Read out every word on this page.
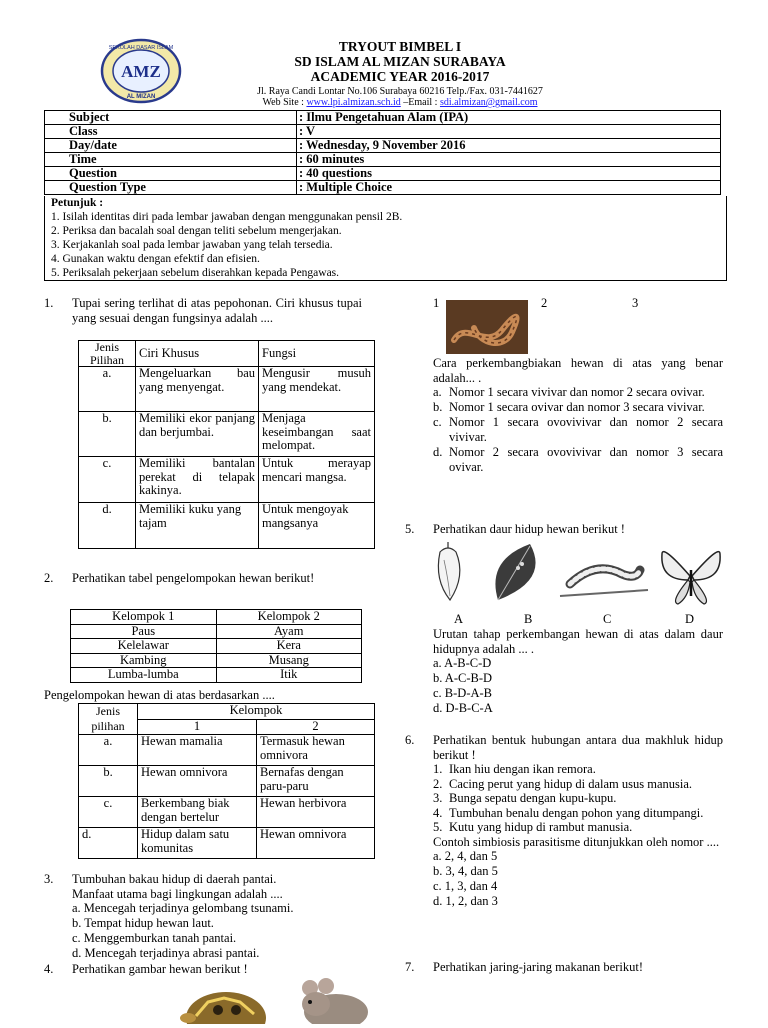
AMZ
SEKOLAH DASAR ISLAM
AL MIZAN
TRYOUT BIMBEL I
SD ISLAM AL MIZAN SURABAYA
ACADEMIC YEAR 2016-2017
Jl. Raya Candi Lontar No.106 Surabaya 60216 Telp./Fax. 031-7441627
Web Site : www.lpi.almizan.sch.id –Email : sdi.almizan@gmail.com
Subject	: Ilmu Pengetahuan Alam (IPA)
Class	: V
Day/date	: Wednesday, 9 November 2016
Time	: 60 minutes
Question	: 40 questions
Question Type	: Multiple Choice
Petunjuk :
1. Isilah identitas diri pada lembar jawaban dengan menggunakan pensil 2B.
2. Periksa dan bacalah soal dengan teliti sebelum mengerjakan.
3. Kerjakanlah soal pada lembar jawaban yang telah tersedia.
4. Gunakan waktu dengan efektif dan efisien.
5. Periksalah pekerjaan sebelum diserahkan kepada Pengawas.
1. Tupai sering terlihat di atas pepohonan. Ciri khusus tupai yang sesuai dengan fungsinya adalah ....
Jenis Pilihan	Ciri Khusus	Fungsi
a.	Mengeluarkan bau yang menyengat.	Mengusir musuh yang mendekat.
b.	Memiliki ekor panjang dan berjumbai.	Menjaga keseimbangan saat melompat.
c.	Memiliki bantalan perekat di telapak kakinya.	Untuk merayap mencari mangsa.
d.	Memiliki kuku yang tajam	Untuk mengoyak mangsanya
2. Perhatikan tabel pengelompokan hewan berikut!
Kelompok 1	Kelompok 2
Paus	Ayam
Kelelawar	Kera
Kambing	Musang
Lumba-lumba	Itik
Pengelompokan hewan di atas berdasarkan ....
Jenis pilihan	Kelompok	
	1	2
a.	Hewan mamalia	Termasuk hewan omnivora
b.	Hewan omnivora	Bernafas dengan paru-paru
c.	Berkembang biak dengan bertelur	Hewan herbivora
d.	Hidup dalam satu komunitas	Hewan omnivora
3. Tumbuhan bakau hidup di daerah pantai.
Manfaat utama bagi lingkungan adalah ....
a. Mencegah terjadinya gelombang tsunami.
b. Tempat hidup hewan laut.
c. Menggemburkan tanah pantai.
d. Mencegah terjadinya abrasi pantai.
4. Perhatikan gambar hewan berikut !
1	2	3
Cara perkembangbiakan hewan di atas yang benar adalah... .
a. Nomor 1 secara vivivar dan nomor 2 secara ovivar.
b. Nomor 1 secara ovivar dan nomor 3 secara vivivar.
c. Nomor 1 secara ovovivivar dan nomor 2 secara vivivar.
d. Nomor 2 secara ovovivivar dan nomor 3 secara ovivar.
5. Perhatikan daur hidup hewan berikut !
A	B	C	D
Urutan tahap perkembangan hewan di atas dalam daur hidupnya adalah ... .
a. A-B-C-D
b. A-C-B-D
c. B-D-A-B
d. D-B-C-A
6. Perhatikan bentuk hubungan antara dua makhluk hidup berikut !
1. Ikan hiu dengan ikan remora.
2. Cacing perut yang hidup di dalam usus manusia.
3. Bunga sepatu dengan kupu-kupu.
4. Tumbuhan benalu dengan pohon yang ditumpangi.
5. Kutu yang hidup di rambut manusia.
Contoh simbiosis parasitisme ditunjukkan oleh nomor ....
a. 2, 4, dan 5
b. 3, 4, dan 5
c. 1, 3, dan 4
d. 1, 2, dan 3
7. Perhatikan jaring-jaring makanan berikut!
